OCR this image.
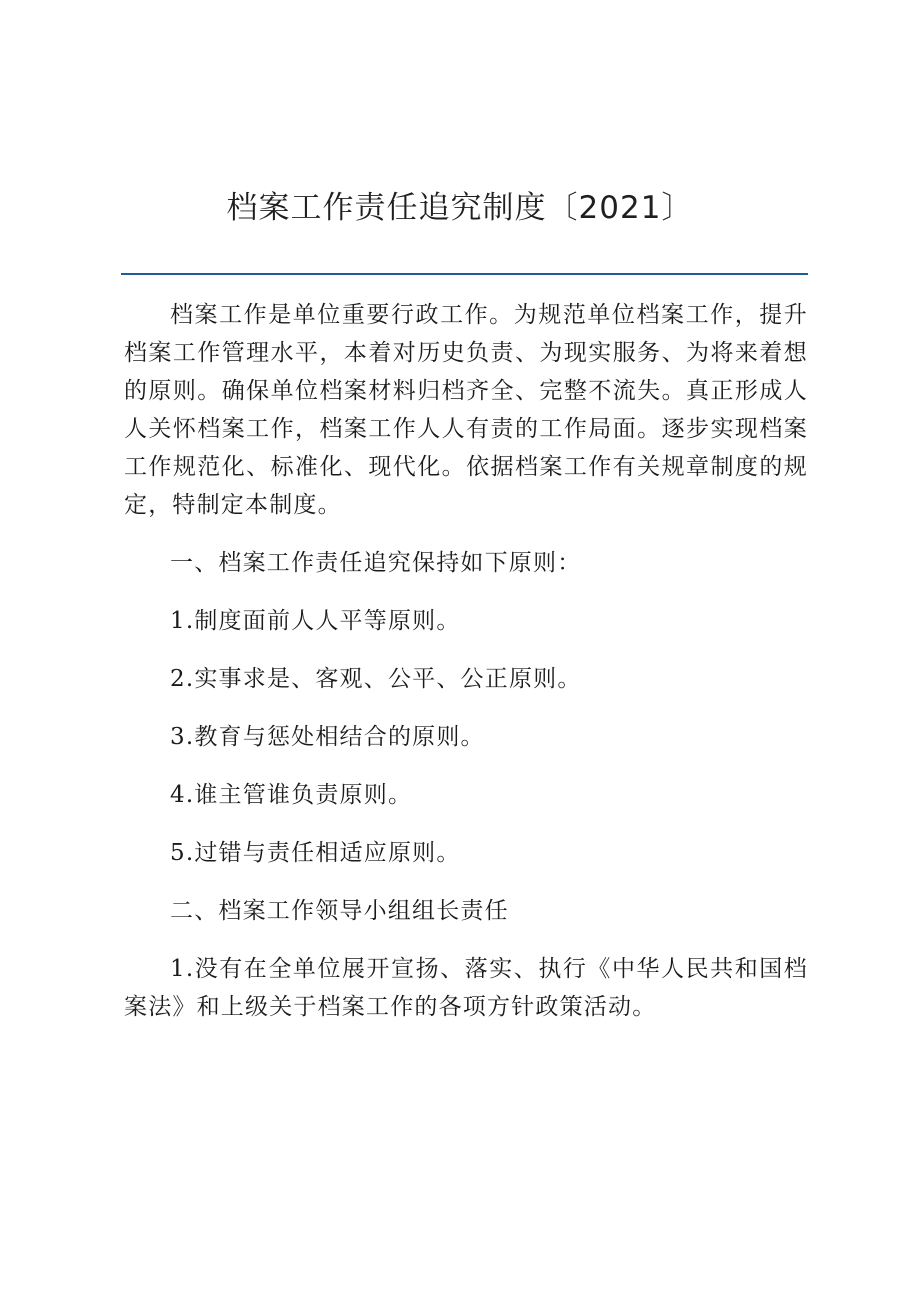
档案工作责任追究制度〔2021〕

档案工作是单位重要行政工作。为规范单位档案工作，提升档案工作管理水平，本着对历史负责、为现实服务、为将来着想的原则。确保单位档案材料归档齐全、完整不流失。真正形成人人关怀档案工作，档案工作人人有责的工作局面。逐步实现档案工作规范化、标准化、现代化。依据档案工作有关规章制度的规定，特制定本制度。

一、档案工作责任追究保持如下原则：

1.制度面前人人平等原则。

2.实事求是、客观、公平、公正原则。

3.教育与惩处相结合的原则。

4.谁主管谁负责原则。

5.过错与责任相适应原则。

二、档案工作领导小组组长责任

1.没有在全单位展开宣扬、落实、执行《中华人民共和国档案法》和上级关于档案工作的各项方针政策活动。
